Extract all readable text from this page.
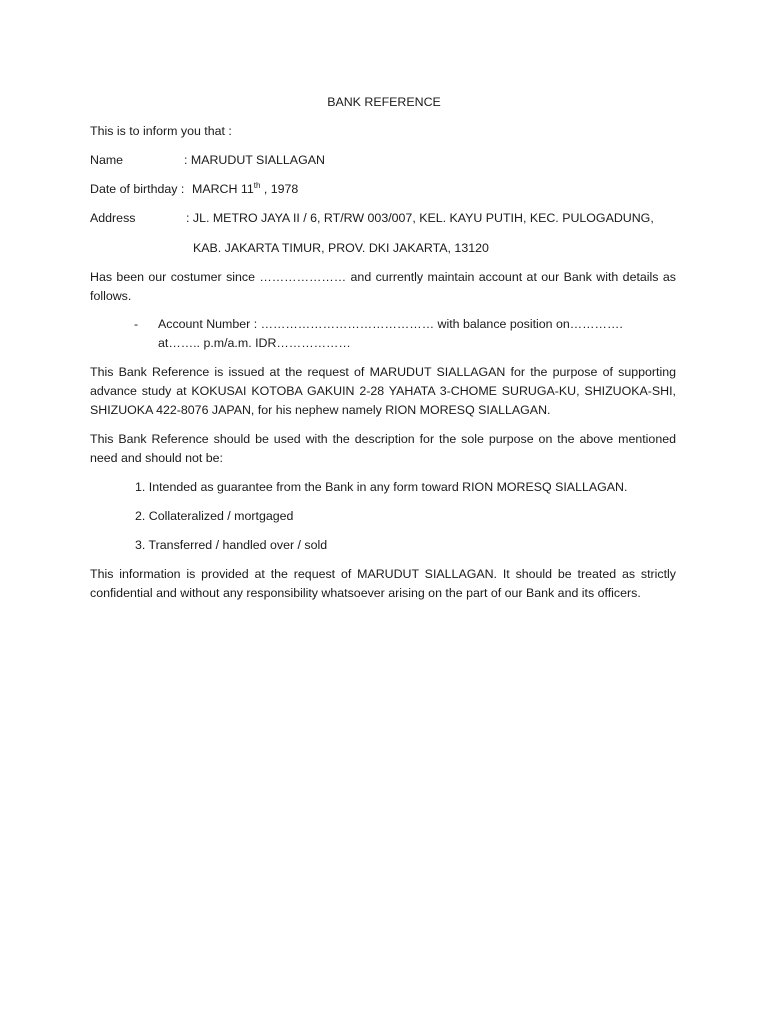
BANK REFERENCE
This is to inform you that :
Name	: MARUDUT SIALLAGAN
Date of birthday : MARCH 11th , 1978
Address	: JL. METRO JAYA II / 6, RT/RW 003/007, KEL. KAYU PUTIH, KEC. PULOGADUNG,
KAB. JAKARTA TIMUR, PROV. DKI JAKARTA, 13120
Has been our costumer since ………………… and currently maintain account at our Bank with details as follows.
- Account Number : …………………………………… with balance position on…………. at…….. p.m/a.m. IDR………………
This Bank Reference is issued at the request of MARUDUT SIALLAGAN for the purpose of supporting advance study at KOKUSAI KOTOBA GAKUIN 2-28 YAHATA 3-CHOME SURUGA-KU, SHIZUOKA-SHI, SHIZUOKA 422-8076 JAPAN, for his nephew namely RION MORESQ SIALLAGAN.
This Bank Reference should be used with the description for the sole purpose on the above mentioned need and should not be:
1. Intended as guarantee from the Bank in any form toward RION MORESQ SIALLAGAN.
2. Collateralized / mortgaged
3. Transferred / handled over / sold
This information is provided at the request of MARUDUT SIALLAGAN. It should be treated as strictly confidential and without any responsibility whatsoever arising on the part of our Bank and its officers.
